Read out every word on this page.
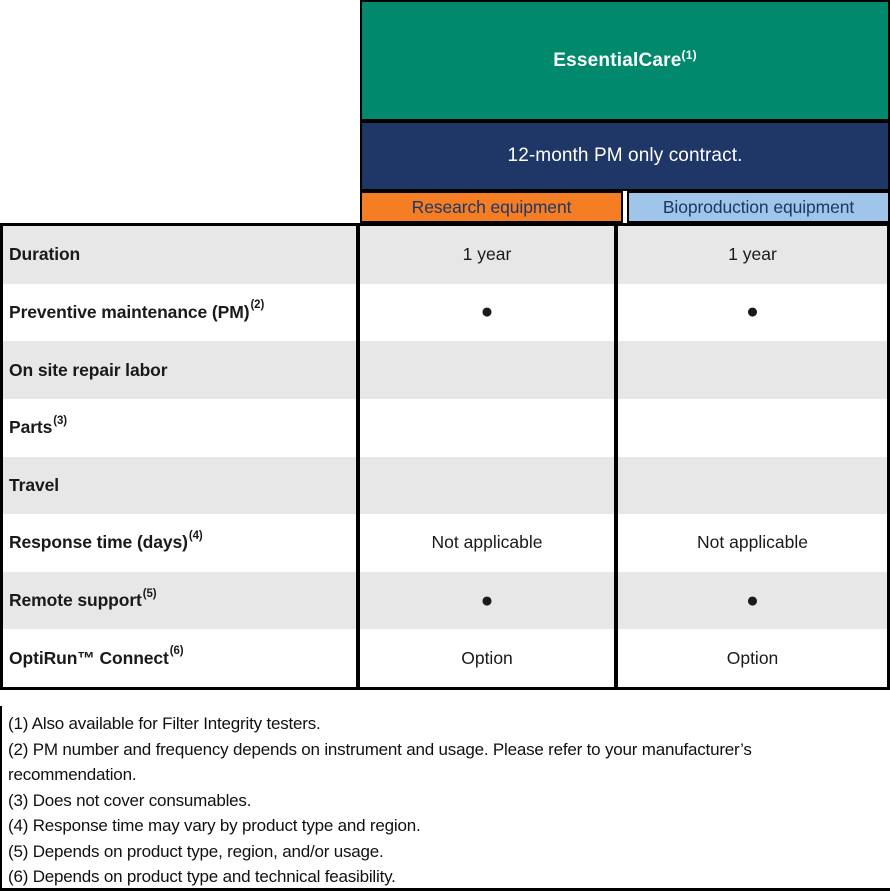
EssentialCare$^{(1)}$
12-month PM only contract.
Research equipment	Bioproduction equipment
Duration	1 year	1 year
Preventive maintenance (PM) (2)	●	●
On site repair labor
Parts (3)
Travel
Response time (days) (4)	Not applicable	Not applicable
Remote support (5)	●	●
OptiRun™ Connect (6)	Option	Option
(1) Also available for Filter Integrity testers.
(2) PM number and frequency depends on instrument and usage. Please refer to your manufacturer’s recommendation.
(3) Does not cover consumables.
(4) Response time may vary by product type and region.
(5) Depends on product type, region, and/or usage.
(6) Depends on product type and technical feasibility.
